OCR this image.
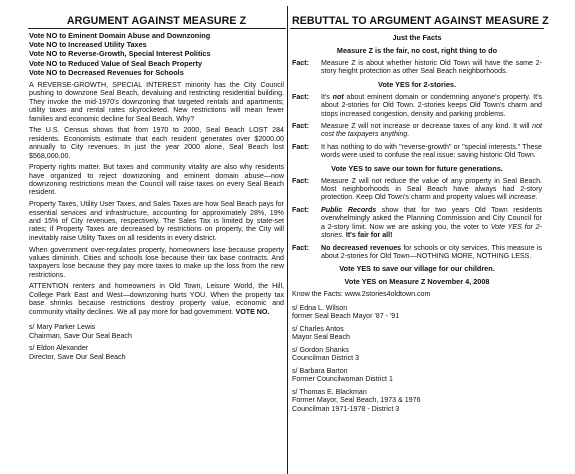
ARGUMENT AGAINST MEASURE Z
Vote NO to Eminent Domain Abuse and Downzoning
Vote NO to Increased Utility Taxes
Vote NO to Reverse-Growth, Special Interest Politics
Vote NO to Reduced Value of Seal Beach Property
Vote NO to Decreased Revenues for Schools

A REVERSE-GROWTH, SPECIAL INTEREST minority has the City Council pushing to downzone Seal Beach, devaluing and restricting residential building. They invoke the mid-1970's downzoning that targeted rentals and apartments; utility taxes and rental rates skyrocketed. New restrictions will mean fewer families and economic decline for Seal Beach. Why?

The U.S. Census shows that from 1970 to 2000, Seal Beach LOST 284 residents. Economists estimate that each resident generates over $2000.00 annually to City revenues. In just the year 2000 alone, Seal Beach lost $568,000.00.

Property rights matter. But taxes and community vitality are also why residents have organized to reject downzoning and eminent domain abuse—now downzoning restrictions mean the Council will raise taxes on every Seal Beach resident.

Property Taxes, Utility User Taxes, and Sales Taxes are how Seal Beach pays for essential services and infrastructure, accounting for approximately 28%, 19% and 15% of City revenues, respectively. The Sales Tax is limited by state-set rates; if Property Taxes are decreased by restrictions on property, the City will inevitably raise Utility Taxes on all residents in every district.

When government over-regulates property, homeowners lose because property values diminish. Cities and schools lose because their tax base contracts. And taxpayers lose because they pay more taxes to make up the loss from the new restrictions.

ATTENTION renters and homeowners in Old Town, Leisure World, the Hill, College Park East and West—downzoning hurts YOU. When the property tax base shrinks because restrictions destroy property value, economic and community vitality declines. We all pay more for bad government. VOTE NO.

s/ Mary Parker Lewis
Chairman, Save Our Seal Beach
s/ Eldon Alexander
Director, Save Our Seal Beach
REBUTTAL TO ARGUMENT AGAINST MEASURE Z
Just the Facts
Measure Z is the fair, no cost, right thing to do
Fact:	Measure Z is about whether historic Old Town will have the same 2-story height protection as other Seal Beach neighborhoods.
Vote YES for 2-stories.
Fact:	It's not about eminent domain or condemning anyone's property. It's about 2-stories for Old Town. 2-stories keeps Old Town's charm and stops increased congestion, density and parking problems.
Fact:	Measure Z will not increase or decrease taxes of any kind. It will not cost the taxpayers anything.
Fact:	It has nothing to do with "reverse-growth" or "special interests." These words were used to confuse the real issue: saving historic Old Town.
Vote YES to save our town for future generations.
Fact:	Measure Z will not reduce the value of any property in Seal Beach. Most neighborhoods in Seal Beach have always had 2-story protection. Keep Old Town's charm and property values will increase.
Fact:	Public Records show that for two years Old Town residents overwhelmingly asked the Planning Commission and City Council for a 2-story limit. Now we are asking you, the voter to Vote YES for 2-stories. It's fair for all!
Fact:	No decreased revenues for schools or city services. This measure is about 2-stories for Old Town—NOTHING MORE, NOTHING LESS.
Vote YES to save our village for our children.
Vote YES on Measure Z November 4, 2008
Know the Facts: www.2stories4oldtown.com
s/ Edna L. Wilson
former Seal Beach Mayor '87 - '91
s/ Charles Antos
Mayor Seal Beach
s/ Gordon Shanks
Councilman District 3
s/ Barbara Barton
Former Councilwoman District 1
s/ Thomas E. Blackman
Former Mayor, Seal Beach, 1973 & 1976
Councilman 1971-1978 - District 3
